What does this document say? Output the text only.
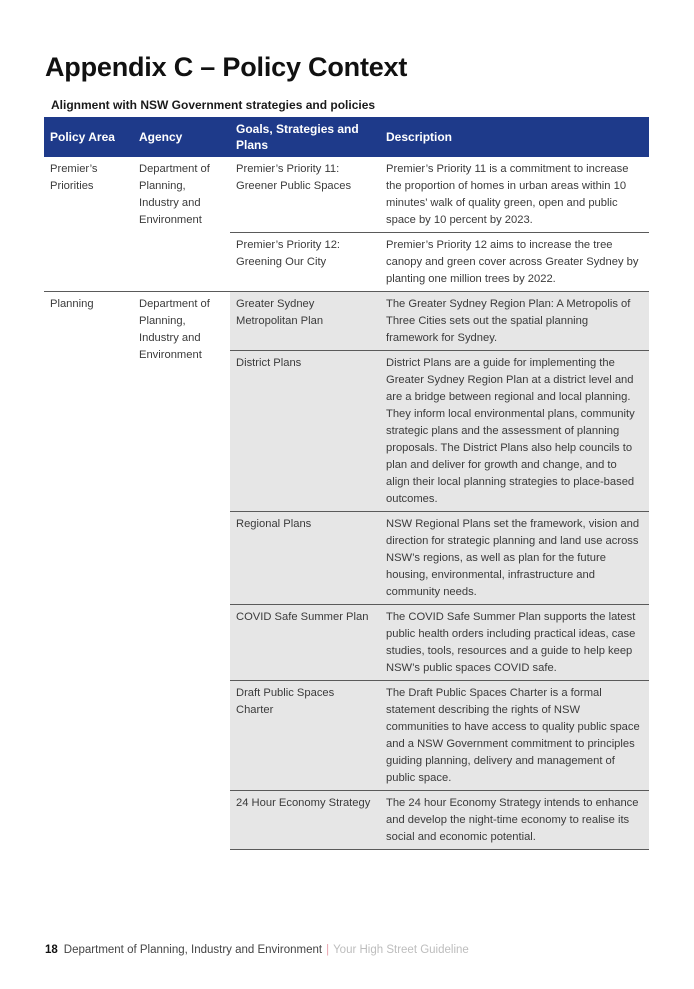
Appendix C – Policy Context

Alignment with NSW Government strategies and policies

Policy Area	Agency	Goals, Strategies and Plans	Description
Premier’s Priorities	Department of Planning, Industry and Environment	Premier’s Priority 11: Greener Public Spaces	Premier’s Priority 11 is a commitment to increase the proportion of homes in urban areas within 10 minutes’ walk of quality green, open and public space by 10 percent by 2023.
		Premier’s Priority 12: Greening Our City	Premier’s Priority 12 aims to increase the tree canopy and green cover across Greater Sydney by planting one million trees by 2022.
Planning	Department of Planning, Industry and Environment	Greater Sydney Metropolitan Plan	The Greater Sydney Region Plan: A Metropolis of Three Cities sets out the spatial planning framework for Sydney.
		District Plans	District Plans are a guide for implementing the Greater Sydney Region Plan at a district level and are a bridge between regional and local planning. They inform local environmental plans, community strategic plans and the assessment of planning proposals. The District Plans also help councils to plan and deliver for growth and change, and to align their local planning strategies to place-based outcomes.
		Regional Plans	NSW Regional Plans set the framework, vision and direction for strategic planning and land use across NSW’s regions, as well as plan for the future housing, environmental, infrastructure and community needs.
		COVID Safe Summer Plan	The COVID Safe Summer Plan supports the latest public health orders including practical ideas, case studies, tools, resources and a guide to help keep NSW’s public spaces COVID safe.
		Draft Public Spaces Charter	The Draft Public Spaces Charter is a formal statement describing the rights of NSW communities to have access to quality public space and a NSW Government commitment to principles guiding planning, delivery and management of public space.
		24 Hour Economy Strategy	The 24 hour Economy Strategy intends to enhance and develop the night-time economy to realise its social and economic potential.
18 Department of Planning, Industry and Environment | Your High Street Guideline
